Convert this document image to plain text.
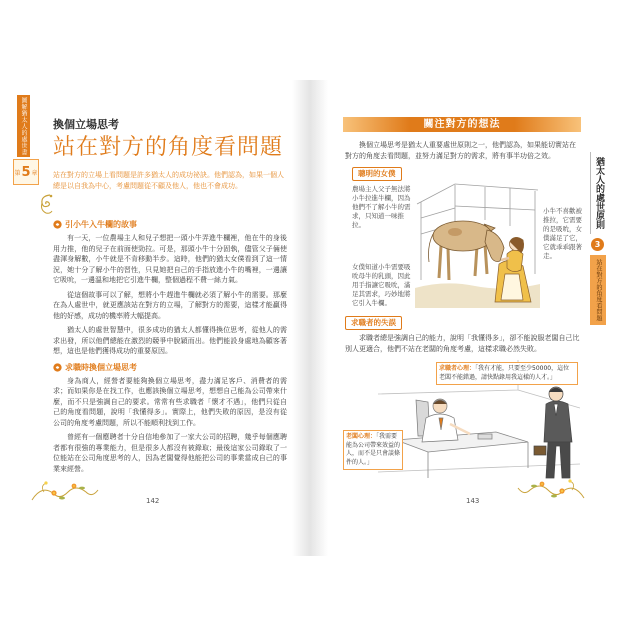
圖解猶太人的處世書
第 5 章
換個立場思考
站在對方的角度看問題
站在對方的立場上看問題是許多猶太人的成功祕訣。他們認為，如果一個人總是以自我為中心，考慮問題從不顧及他人，他也不會成功。
引小牛入牛欄的故事

有一天，一位農場主人和兒子想把一頭小牛弄進牛欄裡，他在牛的身後用力推，他的兒子在前面使勁拉。可是，那頭小牛十分固執，儘管父子倆使盡渾身解數，小牛就是不肯移動半步。這時，他們的猶太女僕看到了這一情況，她十分了解小牛的習性，只見她把自己的手指放進小牛的嘴裡，一邊讓它吸吮，一邊溫和地把它引進牛欄，整個過程不費一絲力氣。

從這個故事可以了解，想將小牛趕進牛欄就必須了解小牛的需要。那麼在為人處世中，就更應該站在對方的立場，了解對方的需要，這樣才能贏得他的好感，成功的機率將大幅提高。

猶太人的處世智慧中，很多成功的猶太人都懂得換位思考，從他人的需求出發，所以他們總能在激烈的競爭中脫穎而出。他們能設身處地為顧客著想，這也是他們獲得成功的重要原因。

求職時換個立場思考

身為商人，經營者要能夠換個立場思考，盡力滿足客戶、消費者的需求；而如果你是在找工作，也應該換個立場思考，想想自己能為公司帶來什麼，而不只是強調自己的要求。常常有些求職者「懷才不遇」，他們只從自己的角度看問題，說明「我懂得多」。實際上，他們失敗的原因，是沒有從公司的角度考慮問題，所以不能順利找到工作。

曾經有一個應聘者十分自信地參加了一家大公司的招聘，幾乎每個應聘者都有很強的專業能力，但是很多人都沒有被錄取；最後這家公司錄取了一位能站在公司角度思考的人，因為老闆覺得他能把公司的事業當成自己的事業來經營。

142
關注對方的想法
換個立場思考是猶太人重要處世原則之一，他們認為，如果能切實站在對方的角度去看問題，並努力滿足對方的需求，將有事半功倍之效。
聰明的女僕
農場主人父子無法將小牛拉進牛欄，因為他們不了解小牛的需求，只知道一味推拉。
小牛不喜歡被推拉，它需要的是吸吮，女僕滿足了它，它就乖乖跟著走。
女僕知道小牛需要吸吮母牛的乳頭，因此用手指讓它吸吮，滿足其需求，巧妙地將它引入牛欄。
求職者的失誤
求職者總是強調自己的能力，說明「我懂得多」，卻不能說服老闆自己比別人更適合，他們不站在老闆的角度考慮，這樣求職必然失敗。
求職者心理：「我有才能，只要至少50000，這位老闆不能錯過，請快點錄用我這樣的人才。」
老闆心理：「我需要能為公司帶來效益的人，而不是只會談條件的人。」
143
猶太人的處世原則
3
站在對方的角度看問題
